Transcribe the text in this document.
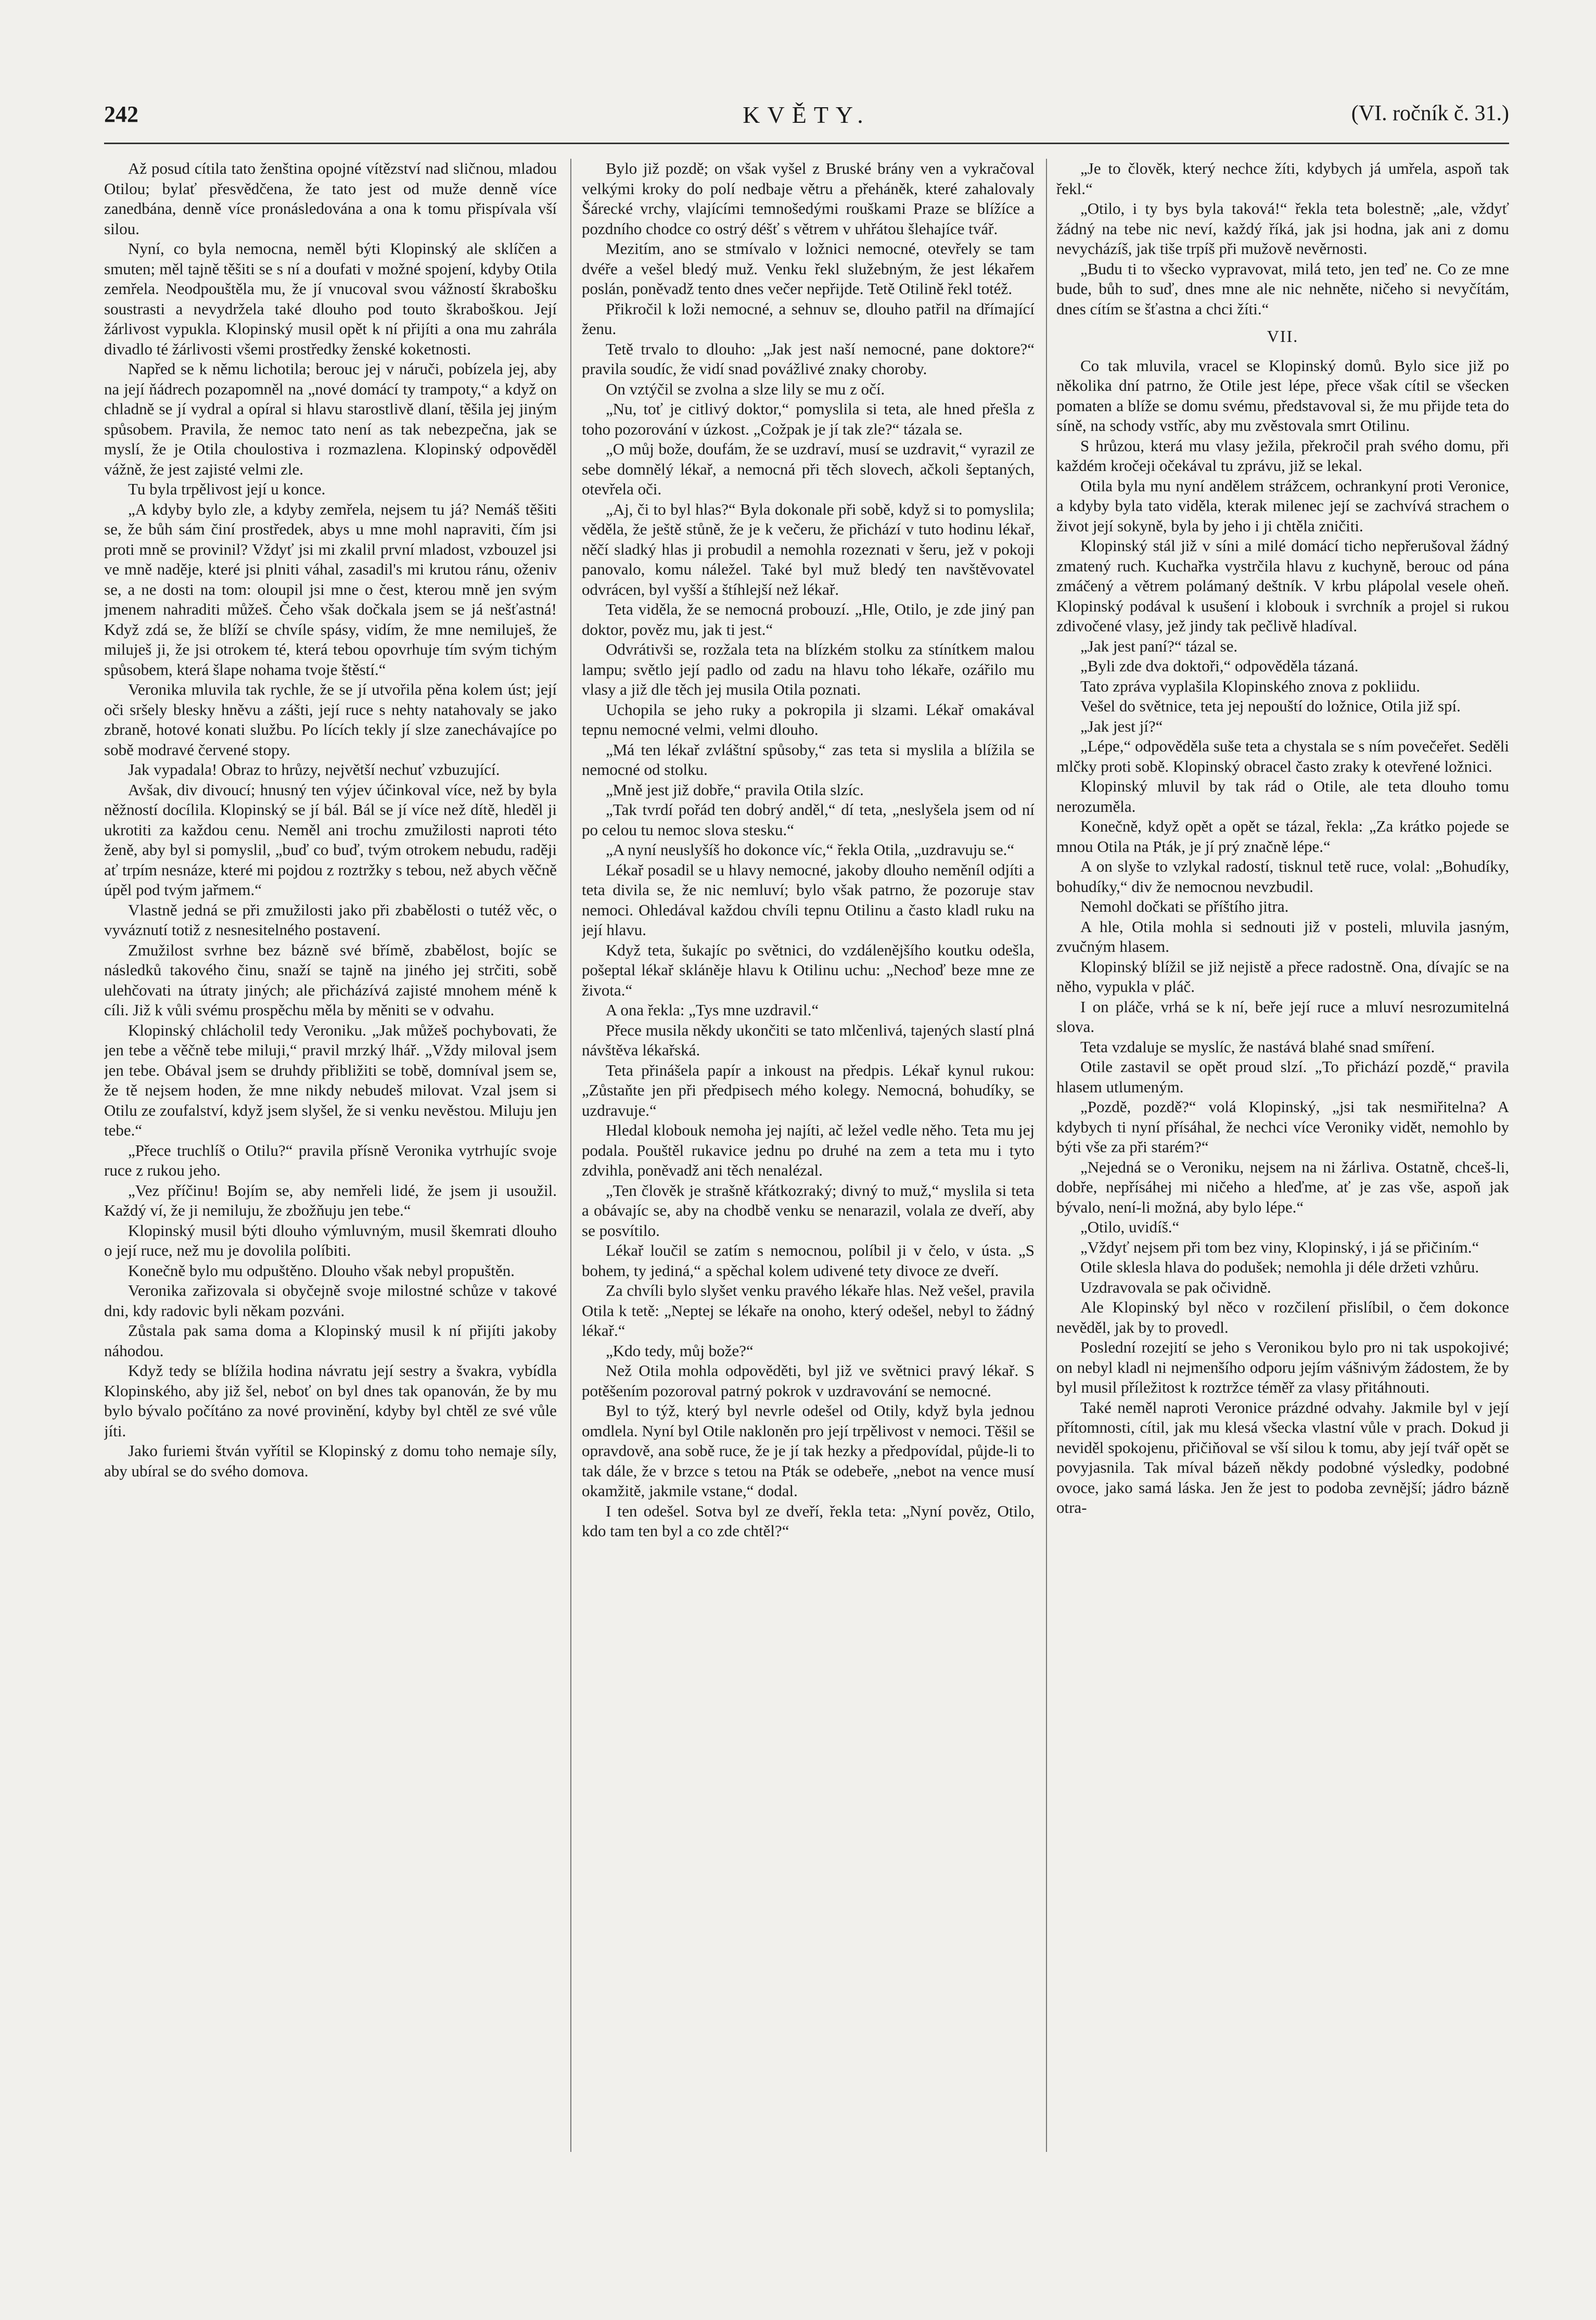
242	KVĚTY.	(VI. ročník č. 31.)

Až posud cítila tato ženština opojné vítězství nad sličnou, mladou Otilou; bylať přesvědčena, že tato jest od muže denně více zanedbána, denně více pronásledována a ona k tomu přispívala vší silou.

Nyní, co byla nemocna, neměl býti Klopinský ale sklíčen a smuten; měl tajně těšiti se s ní a doufati v možné spojení, kdyby Otila zemřela. Neodpouštěla mu, že jí vnucoval svou vážností škrabošku soustrasti a nevydržela také dlouho pod touto škraboškou. Její žárlivost vypukla. Klopinský musil opět k ní přijíti a ona mu zahrála divadlo té žárlivosti všemi prostředky ženské koketnosti.

Napřed se k němu lichotila; berouc jej v náruči, pobízela jej, aby na její ňádrech pozapomněl na „nové domácí ty trampoty,“ a když on chladně se jí vydral a opíral si hlavu starostlivě dlaní, těšila jej jiným spůsobem. Pravila, že nemoc tato není as tak nebezpečna, jak se myslí, že je Otila choulostiva i rozmazlena. Klopinský odpověděl vážně, že jest zajisté velmi zle.

Tu byla trpělivost její u konce.

„A kdyby bylo zle, a kdyby zemřela, nejsem tu já? Nemáš těšiti se, že bůh sám činí prostředek, abys u mne mohl napraviti, čím jsi proti mně se provinil? Vždyť jsi mi zkalil první mladost, vzbouzel jsi ve mně naděje, které jsi plniti váhal, zasadil's mi krutou ránu, oženiv se, a ne dosti na tom: oloupil jsi mne o čest, kterou mně jen svým jmenem nahraditi můžeš. Čeho však dočkala jsem se já nešťastná! Když zdá se, že blíží se chvíle spásy, vidím, že mne nemiluješ, že miluješ ji, že jsi otrokem té, která tebou opovrhuje tím svým tichým spůsobem, která šlape nohama tvoje štěstí.“

Veronika mluvila tak rychle, že se jí utvořila pěna kolem úst; její oči sršely blesky hněvu a zášti, její ruce s nehty natahovaly se jako zbraně, hotové konati službu. Po lících tekly jí slze zanechávajíce po sobě modravé červené stopy.

Jak vypadala! Obraz to hrůzy, největší nechuť vzbuzující.

Avšak, div divoucí; hnusný ten výjev účinkoval více, než by byla něžností docílila. Klopinský se jí bál. Bál se jí více než dítě, hleděl ji ukrotiti za každou cenu. Neměl ani trochu zmužilosti naproti této ženě, aby byl si pomyslil, „buď co buď, tvým otrokem nebudu, raději ať trpím nesnáze, které mi pojdou z roztržky s tebou, než abych věčně úpěl pod tvým jařmem.“

Vlastně jedná se při zmužilosti jako při zbabělosti o tutéž věc, o vyváznutí totiž z nesnesitelného postavení.

Zmužilost svrhne bez bázně své břímě, zbabělost, bojíc se následků takového činu, snaží se tajně na jiného jej strčiti, sobě ulehčovati na útraty jiných; ale přicházívá zajisté mnohem méně k cíli. Již k vůli svému prospěchu měla by měniti se v odvahu.

Klopinský chlácholil tedy Veroniku. „Jak můžeš pochybovati, že jen tebe a věčně tebe miluji,“ pravil mrzký lhář. „Vždy miloval jsem jen tebe. Obával jsem se druhdy přibližiti se tobě, domníval jsem se, že tě nejsem hoden, že mne nikdy nebudeš milovat. Vzal jsem si Otilu ze zoufalství, když jsem slyšel, že si venku nevěstou. Miluju jen tebe.“

„Přece truchlíš o Otilu?“ pravila přísně Veronika vytrhujíc svoje ruce z rukou jeho.

„Vez příčinu! Bojím se, aby nemřeli lidé, že jsem ji usoužil. Každý ví, že ji nemiluju, že zbožňuju jen tebe.“

Klopinský musil býti dlouho výmluvným, musil škemrati dlouho o její ruce, než mu je dovolila políbiti.

Konečně bylo mu odpuštěno. Dlouho však nebyl propuštěn.

Veronika zařizovala si obyčejně svoje milostné schůze v takové dni, kdy radovic byli někam pozváni.

Zůstala pak sama doma a Klopinský musil k ní přijíti jakoby náhodou.

Když tedy se blížila hodina návratu její sestry a švakra, vybídla Klopinského, aby již šel, neboť on byl dnes tak opanován, že by mu bylo bývalo počítáno za nové provinění, kdyby byl chtěl ze své vůle jíti.

Jako furiemi štván vyřítil se Klopinský z domu toho nemaje síly, aby ubíral se do svého domova.

Bylo již pozdě; on však vyšel z Bruské brány ven a vykračoval velkými kroky do polí nedbaje větru a přeháněk, které zahalovaly Šárecké vrchy, vlajícími temnošedými rouškami Praze se blížíce a pozdního chodce co ostrý déšť s větrem v uhřátou šlehajíce tvář.

Mezitím, ano se stmívalo v ložnici nemocné, otevřely se tam dvéře a vešel bledý muž. Venku řekl služebným, že jest lékařem poslán, poněvadž tento dnes večer nepřijde. Tetě Otilině řekl totéž.

Přikročil k loži nemocné, a sehnuv se, dlouho patřil na dřímající ženu.

Tetě trvalo to dlouho: „Jak jest naší nemocné, pane doktore?“ pravila soudíc, že vidí snad povážlivé znaky choroby.

On vztýčil se zvolna a slze lily se mu z očí.

„Nu, toť je citlivý doktor,“ pomyslila si teta, ale hned přešla z toho pozorování v úzkost. „Cožpak je jí tak zle?“ tázala se.

„O můj bože, doufám, že se uzdraví, musí se uzdravit,“ vyrazil ze sebe domnělý lékař, a nemocná při těch slovech, ačkoli šeptaných, otevřela oči.

„Aj, či to byl hlas?“ Byla dokonale při sobě, když si to pomyslila; věděla, že ještě stůně, že je k večeru, že přichází v tuto hodinu lékař, něčí sladký hlas ji probudil a nemohla rozeznati v šeru, jež v pokoji panovalo, komu náležel. Také byl muž bledý ten navštěvovatel odvrácen, byl vyšší a štíhlejší než lékař.

Teta viděla, že se nemocná probouzí. „Hle, Otilo, je zde jiný pan doktor, pověz mu, jak ti jest.“

Odvrátivši se, rozžala teta na blízkém stolku za stínítkem malou lampu; světlo její padlo od zadu na hlavu toho lékaře, ozářilo mu vlasy a již dle těch jej musila Otila poznati.

Uchopila se jeho ruky a pokropila ji slzami. Lékař omakával tepnu nemocné velmi, velmi dlouho.

„Má ten lékař zvláštní spůsoby,“ zas teta si myslila a blížila se nemocné od stolku.

„Mně jest již dobře,“ pravila Otila slzíc.

„Tak tvrdí pořád ten dobrý anděl,“ dí teta, „neslyšela jsem od ní po celou tu nemoc slova stesku.“

„A nyní neuslyšíš ho dokonce víc,“ řekla Otila, „uzdravuju se.“

Lékař posadil se u hlavy nemocné, jakoby dlouho neměníl odjíti a teta divila se, že nic nemluví; bylo však patrno, že pozoruje stav nemoci. Ohledával každou chvíli tepnu Otilinu a často kladl ruku na její hlavu.

Když teta, šukajíc po světnici, do vzdálenějšího koutku odešla, pošeptal lékař skláněje hlavu k Otilinu uchu: „Nechoď beze mne ze života.“

A ona řekla: „Tys mne uzdravil.“

Přece musila někdy ukončiti se tato mlčenlivá, tajených slastí plná návštěva lékařská.

Teta přinášela papír a inkoust na předpis. Lékař kynul rukou: „Zůstaňte jen při předpisech mého kolegy. Nemocná, bohudíky, se uzdravuje.“

Hledal klobouk nemoha jej najíti, ač ležel vedle něho. Teta mu jej podala. Pouštěl rukavice jednu po druhé na zem a teta mu i tyto zdvihla, poněvadž ani těch nenalézal.

„Ten člověk je strašně křátkozraký; divný to muž,“ myslila si teta a obávajíc se, aby na chodbě venku se nenarazil, volala ze dveří, aby se posvítilo.

Lékař loučil se zatím s nemocnou, políbil ji v čelo, v ústa. „S bohem, ty jediná,“ a spěchal kolem udivené tety divoce ze dveří.

Za chvíli bylo slyšet venku pravého lékaře hlas. Než vešel, pravila Otila k tetě: „Neptej se lékaře na onoho, který odešel, nebyl to žádný lékař.“

„Kdo tedy, můj bože?“

Než Otila mohla odpověděti, byl již ve světnici pravý lékař. S potěšením pozoroval patrný pokrok v uzdravování se nemocné.

Byl to týž, který byl nevrle odešel od Otily, když byla jednou omdlela. Nyní byl Otile nakloněn pro její trpělivost v nemoci. Těšil se opravdově, ana sobě ruce, že je jí tak hezky a předpovídal, půjde-li to tak dále, že v brzce s tetou na Pták se odebeře, „nebot na vence musí okamžitě, jakmile vstane,“ dodal.

I ten odešel. Sotva byl ze dveří, řekla teta: „Nyní pověz, Otilo, kdo tam ten byl a co zde chtěl?“

„Je to člověk, který nechce žíti, kdybych já umřela, aspoň tak řekl.“

„Otilo, i ty bys byla taková!“ řekla teta bolestně; „ale, vždyť žádný na tebe nic neví, každý říká, jak jsi hodna, jak ani z domu nevycházíš, jak tiše trpíš při mužově nevěrnosti.

„Budu ti to všecko vypravovat, milá teto, jen teď ne. Co ze mne bude, bůh to suď, dnes mne ale nic nehněte, ničeho si nevyčítám, dnes cítím se šťastna a chci žíti.“

VII.

Co tak mluvila, vracel se Klopinský domů. Bylo sice již po několika dní patrno, že Otile jest lépe, přece však cítil se všecken pomaten a blíže se domu svému, představoval si, že mu přijde teta do síně, na schody vstříc, aby mu zvěstovala smrt Otilinu.

S hrůzou, která mu vlasy ježila, překročil prah svého domu, při každém kročeji očekával tu zprávu, již se lekal.

Otila byla mu nyní andělem strážcem, ochrankyní proti Veronice, a kdyby byla tato viděla, kterak milenec její se zachvívá strachem o život její sokyně, byla by jeho i ji chtěla zničiti.

Klopinský stál již v síni a milé domácí ticho nepřerušoval žádný zmatený ruch. Kuchařka vystrčila hlavu z kuchyně, berouc od pána zmáčený a větrem polámaný deštník. V krbu plápolal vesele oheň. Klopinský podával k usušení i klobouk i svrchník a projel si rukou zdivočené vlasy, jež jindy tak pečlivě hladíval.

„Jak jest paní?“ tázal se.

„Byli zde dva doktoři,“ odpověděla tázaná.

Tato zpráva vyplašila Klopinského znova z pokliidu.

Vešel do světnice, teta jej nepouští do ložnice, Otila již spí.

„Jak jest jí?“

„Lépe,“ odpověděla suše teta a chystala se s ním povečeřet. Seděli mlčky proti sobě. Klopinský obracel často zraky k otevřené ložnici.

Klopinský mluvil by tak rád o Otile, ale teta dlouho tomu nerozuměla.

Konečně, když opět a opět se tázal, řekla: „Za krátko pojede se mnou Otila na Pták, je jí prý značně lépe.“

A on slyše to vzlykal radostí, tisknul tetě ruce, volal: „Bohudíky, bohudíky,“ div že nemocnou nevzbudil.

Nemohl dočkati se příštího jitra.

A hle, Otila mohla si sednouti již v posteli, mluvila jasným, zvučným hlasem.

Klopinský blížil se již nejistě a přece radostně. Ona, dívajíc se na něho, vypukla v pláč.

I on pláče, vrhá se k ní, beře její ruce a mluví nesrozumitelná slova.

Teta vzdaluje se myslíc, že nastává blahé snad smíření.

Otile zastavil se opět proud slzí. „To přichází pozdě,“ pravila hlasem utlumeným.

„Pozdě, pozdě?“ volá Klopinský, „jsi tak nesmiřitelna? A kdybych ti nyní přísáhal, že nechci více Veroniky vidět, nemohlo by býti vše za při starém?“

„Nejedná se o Veroniku, nejsem na ni žárliva. Ostatně, chceš-li, dobře, nepřísáhej mi ničeho a hleďme, ať je zas vše, aspoň jak bývalo, není-li možná, aby bylo lépe.“

„Otilo, uvidíš.“

„Vždyť nejsem při tom bez viny, Klopinský, i já se přičiním.“

Otile sklesla hlava do podušek; nemohla ji déle držeti vzhůru.

Uzdravovala se pak očividně.

Ale Klopinský byl něco v rozčilení přislíbil, o čem dokonce nevěděl, jak by to provedl.

Poslední rozejití se jeho s Veronikou bylo pro ni tak uspokojivé; on nebyl kladl ni nejmenšího odporu jejím vášnivým žádostem, že by byl musil příležitost k roztržce téměř za vlasy přitáhnouti.

Také neměl naproti Veronice prázdné odvahy. Jakmile byl v její přítomnosti, cítil, jak mu klesá všecka vlastní vůle v prach. Dokud ji neviděl spokojenu, přičiňoval se vší silou k tomu, aby její tvář opět se povyjasnila. Tak míval bázeň někdy podobné výsledky, podobné ovoce, jako samá láska. Jen že jest to podoba zevnější; jádro bázně otra-
